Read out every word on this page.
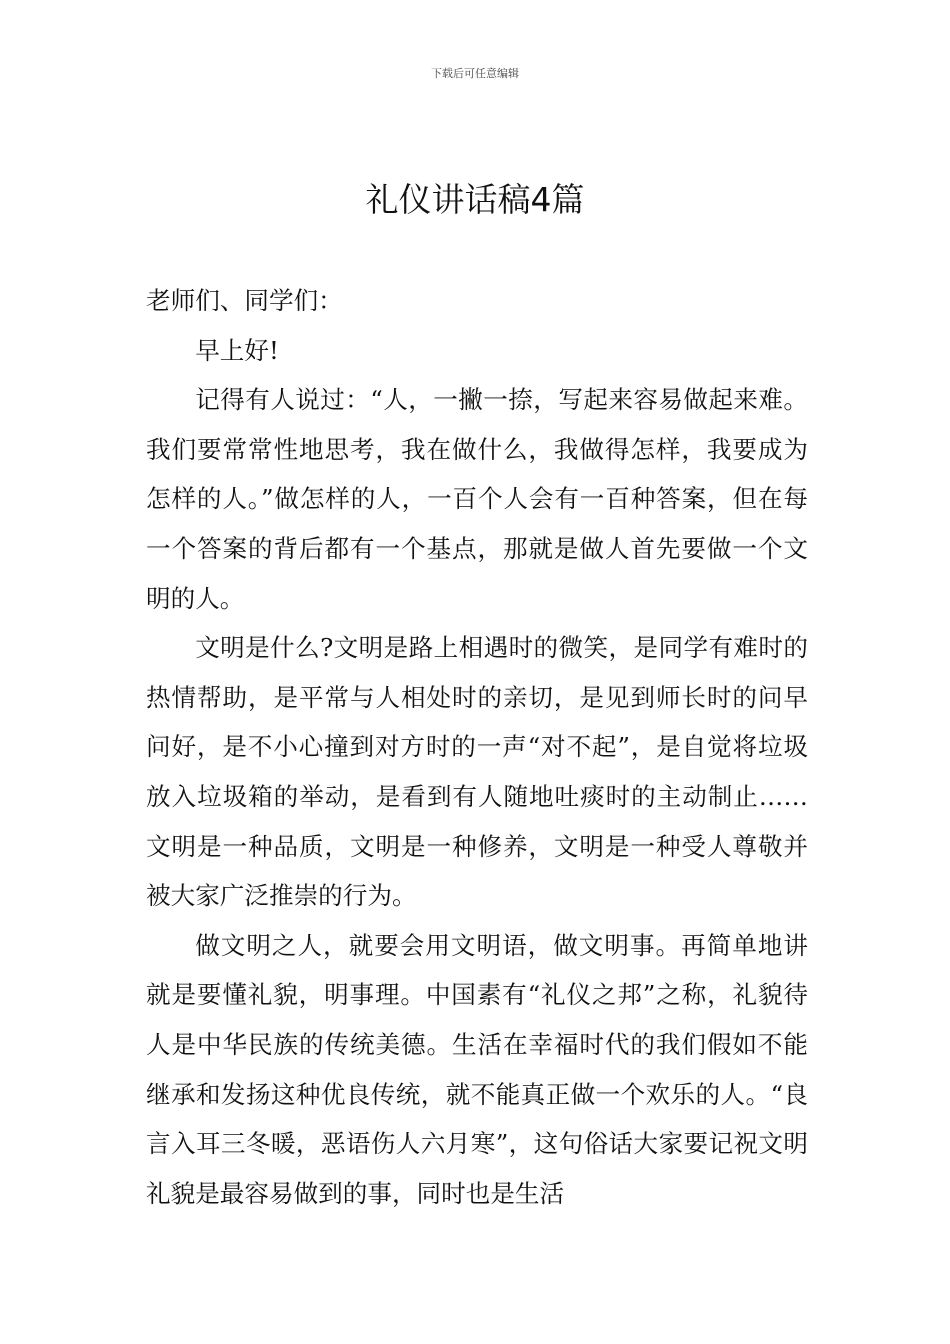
下载后可任意编辑
礼仪讲话稿4篇

老师们、同学们：

早上好!

记得有人说过：“人，一撇一捺，写起来容易做起来难。我们要常常性地思考，我在做什么，我做得怎样，我要成为怎样的人。”做怎样的人，一百个人会有一百种答案，但在每一个答案的背后都有一个基点，那就是做人首先要做一个文明的人。

文明是什么?文明是路上相遇时的微笑，是同学有难时的热情帮助，是平常与人相处时的亲切，是见到师长时的问早问好，是不小心撞到对方时的一声“对不起”，是自觉将垃圾放入垃圾箱的举动，是看到有人随地吐痰时的主动制止……文明是一种品质，文明是一种修养，文明是一种受人尊敬并被大家广泛推崇的行为。

做文明之人，就要会用文明语，做文明事。再简单地讲就是要懂礼貌，明事理。中国素有“礼仪之邦”之称，礼貌待人是中华民族的传统美德。生活在幸福时代的我们假如不能继承和发扬这种优良传统，就不能真正做一个欢乐的人。“良言入耳三冬暖，恶语伤人六月寒”，这句俗话大家要记祝文明礼貌是最容易做到的事，同时也是生活
